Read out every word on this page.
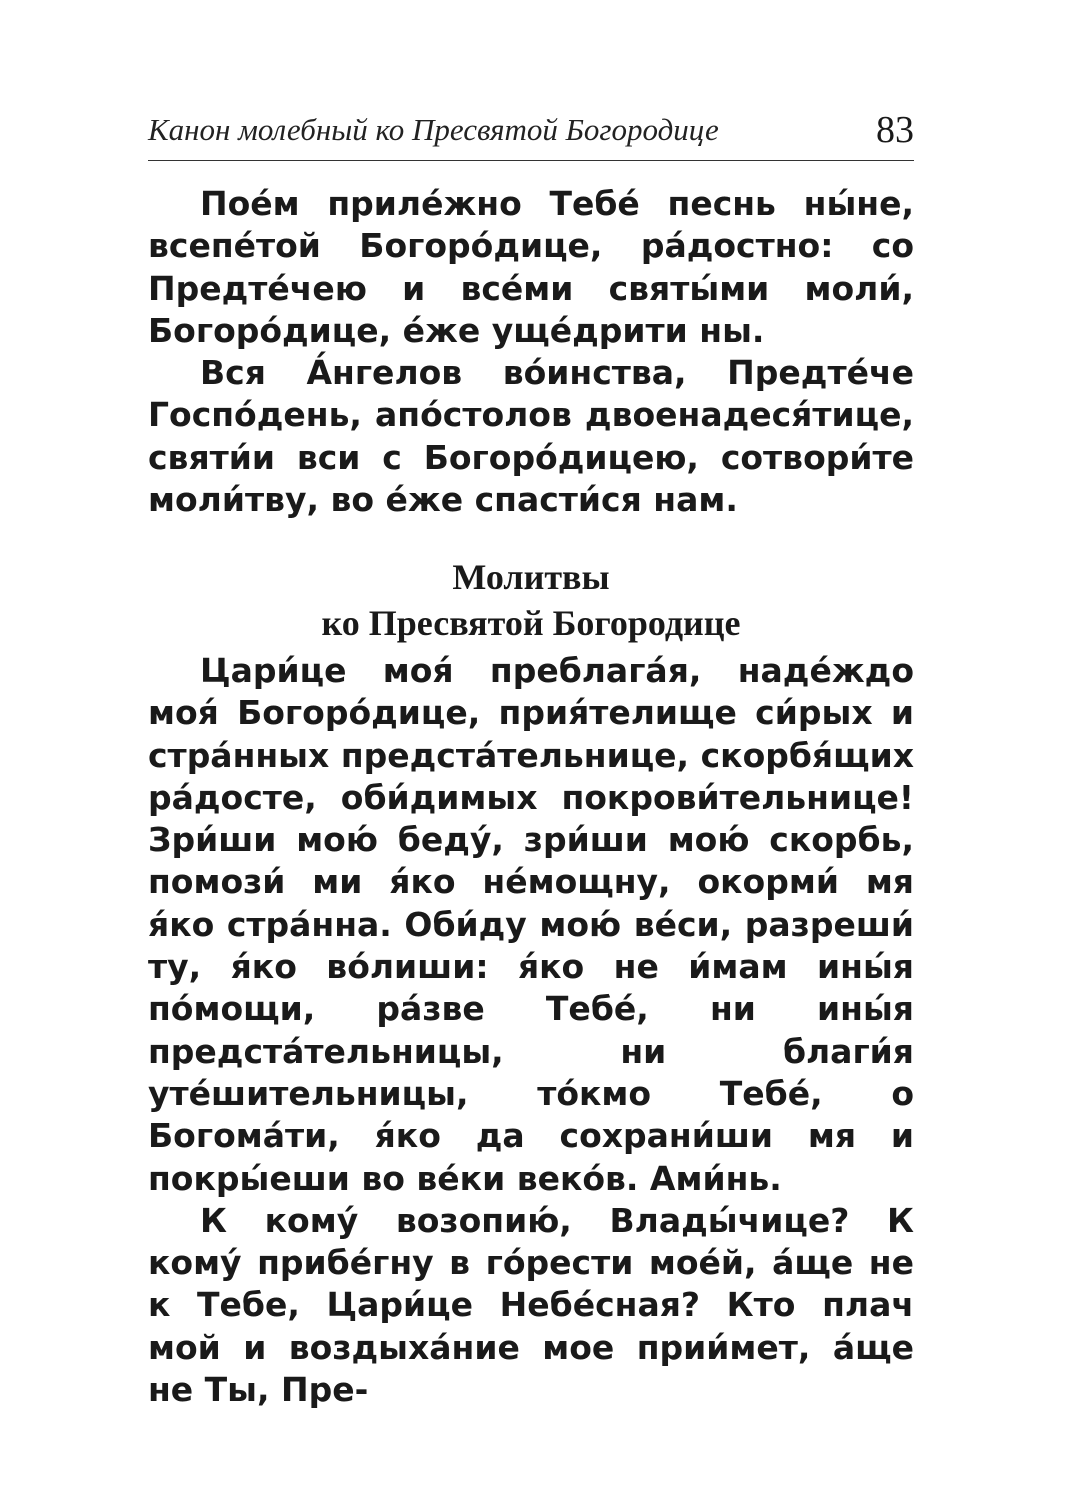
Канон молебный ко Пресвятой Богородице	83

Пое́м приле́жно Тебе́ песнь ны́не, всепе́той Богоро́дице, ра́достно: со Предте́чею и все́ми святы́ми моли́, Богоро́дице, е́же уще́дрити ны.

Вся А́нгелов во́инства, Предте́че Госпо́день, апо́столов двоенадеся́тице, святи́и вси с Богоро́дицею, сотвори́те моли́тву, во е́же спасти́ся нам.

Молитвы
ко Пресвятой Богородице

Цари́це моя́ преблага́я, наде́ждо моя́ Богоро́дице, прия́телище си́рых и стра́нных предста́тельнице, скорбя́щих ра́досте, оби́димых покрови́тельнице! Зри́ши мою́ беду́, зри́ши мою́ скорбь, помози́ ми я́ко не́мощну, окорми́ мя я́ко стра́нна. Оби́ду мою́ ве́си, разреши́ ту, я́ко во́лиши: я́ко не и́мам ины́я по́мощи, ра́зве Тебе́, ни ины́я предста́тельницы, ни благи́я уте́шительницы, то́кмо Тебе́, о Богома́ти, я́ко да сохрани́ши мя и покры́еши во ве́ки веко́в. Ами́нь.

К кому́ возопию́, Влады́чице? К кому́ прибе́гну в го́рести мое́й, а́ще не к Тебе, Цари́це Небе́сная? Кто плач мой и воздыха́ние мое прии́мет, а́ще не Ты, Пре-
